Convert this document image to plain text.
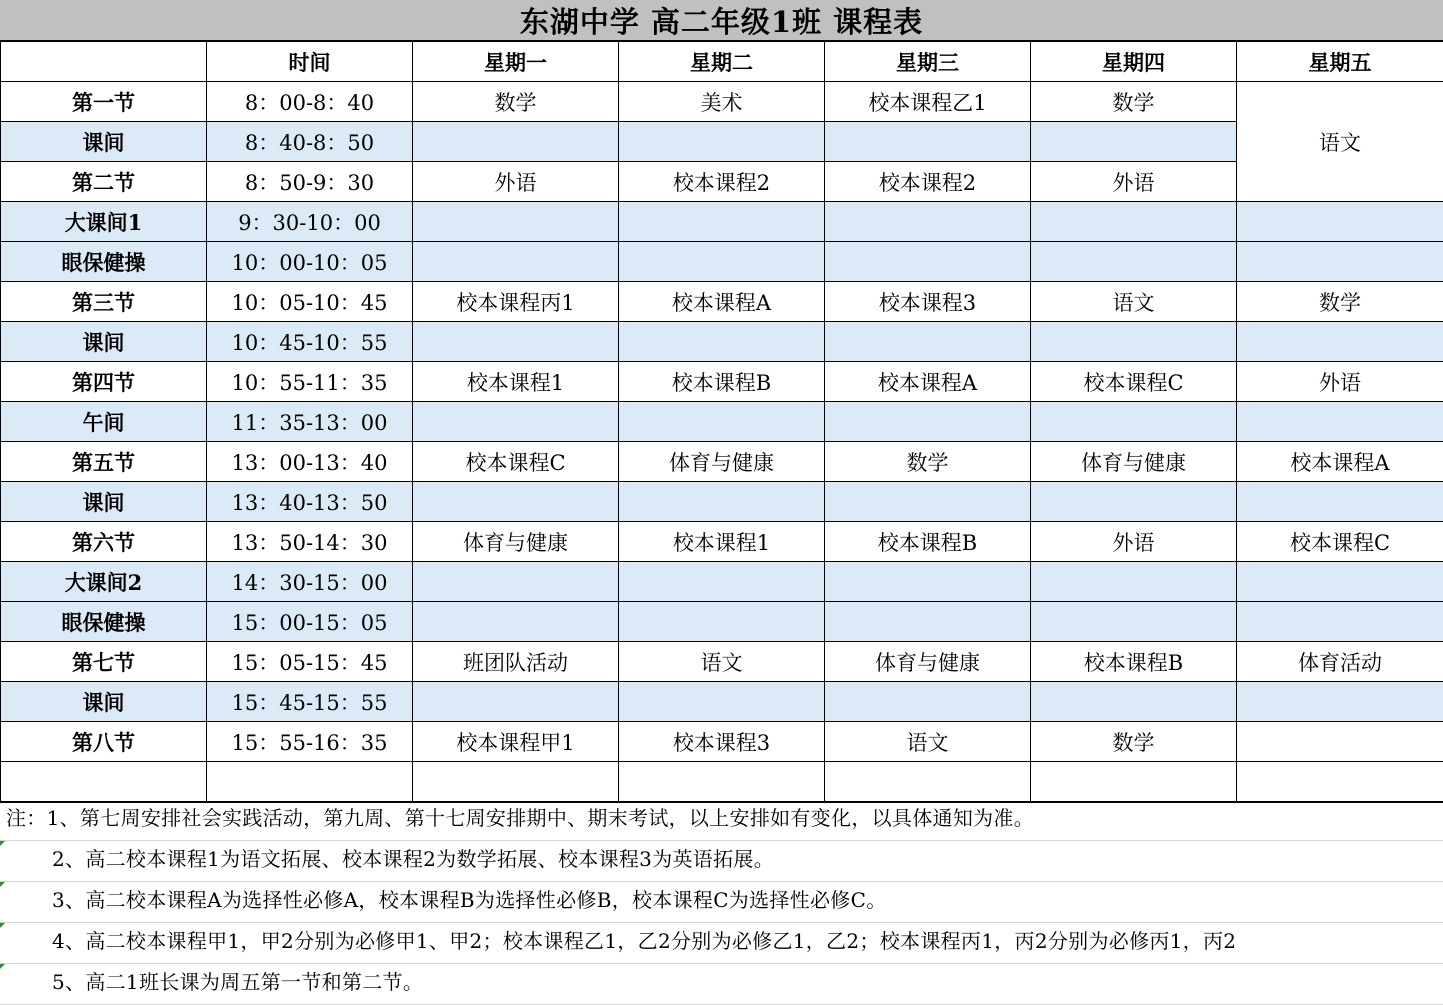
东湖中学 高二年级1班 课程表
	时间	星期一	星期二	星期三	星期四	星期五
第一节	8：00-8：40	数学	美术	校本课程乙1	数学	语文
课间	8：40-8：50					
第二节	8：50-9：30	外语	校本课程2	校本课程2	外语	
大课间1	9：30-10：00					
眼保健操	10：00-10：05					
第三节	10：05-10：45	校本课程丙1	校本课程A	校本课程3	语文	数学
课间	10：45-10：55					
第四节	10：55-11：35	校本课程1	校本课程B	校本课程A	校本课程C	外语
午间	11：35-13：00					
第五节	13：00-13：40	校本课程C	体育与健康	数学	体育与健康	校本课程A
课间	13：40-13：50					
第六节	13：50-14：30	体育与健康	校本课程1	校本课程B	外语	校本课程C
大课间2	14：30-15：00					
眼保健操	15：00-15：05					
第七节	15：05-15：45	班团队活动	语文	体育与健康	校本课程B	体育活动
课间	15：45-15：55					
第八节	15：55-16：35	校本课程甲1	校本课程3	语文	数学	

注：1、第七周安排社会实践活动，第九周、第十七周安排期中、期末考试，以上安排如有变化，以具体通知为准。
2、高二校本课程1为语文拓展、校本课程2为数学拓展、校本课程3为英语拓展。
3、高二校本课程A为选择性必修A，校本课程B为选择性必修B，校本课程C为选择性必修C。
4、高二校本课程甲1，甲2分别为必修甲1、甲2；校本课程乙1，乙2分别为必修乙1，乙2；校本课程丙1，丙2分别为必修丙1，丙2
5、高二1班长课为周五第一节和第二节。
